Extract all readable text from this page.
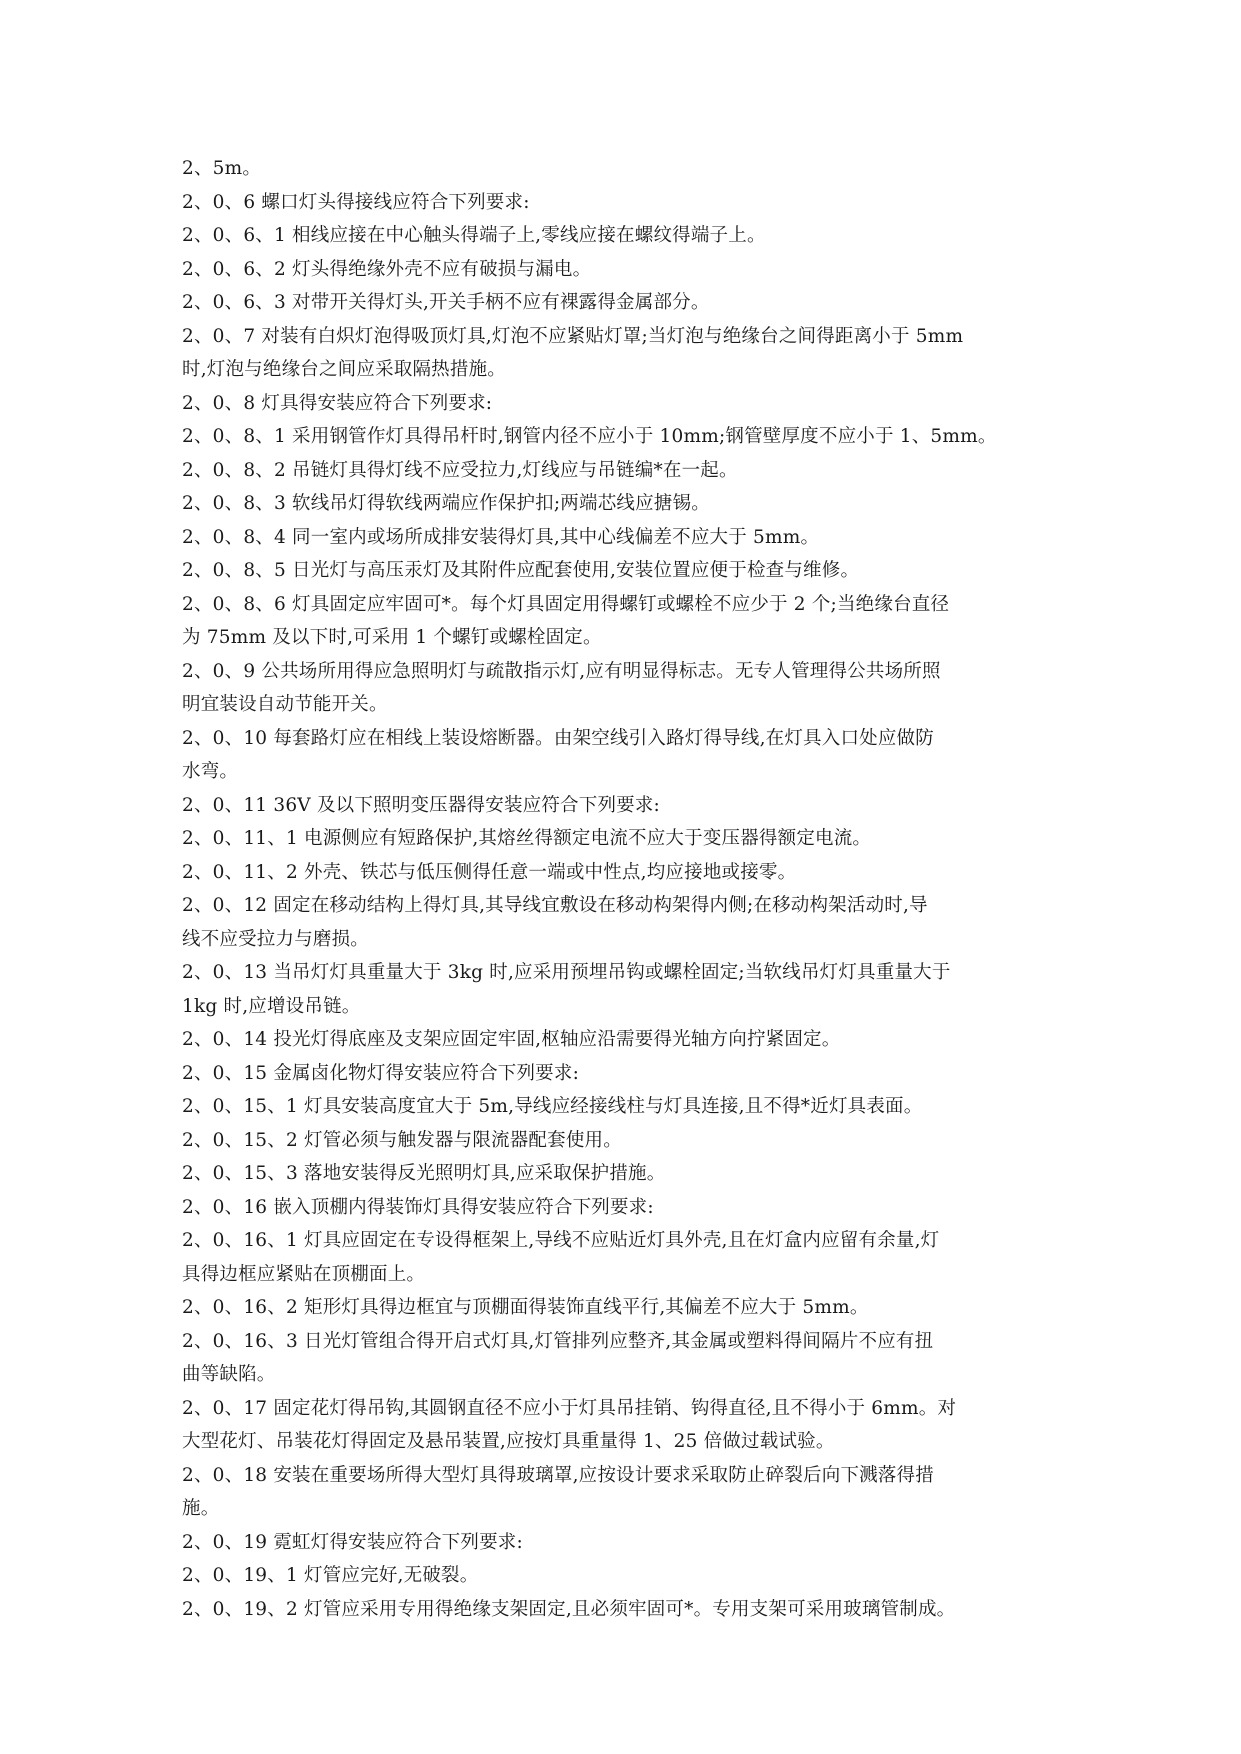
2、5m。
2、0、6 螺口灯头得接线应符合下列要求:
2、0、6、1 相线应接在中心触头得端子上,零线应接在螺纹得端子上。
2、0、6、2 灯头得绝缘外壳不应有破损与漏电。
2、0、6、3 对带开关得灯头,开关手柄不应有裸露得金属部分。
2、0、7 对装有白炽灯泡得吸顶灯具,灯泡不应紧贴灯罩;当灯泡与绝缘台之间得距离小于 5mm
时,灯泡与绝缘台之间应采取隔热措施。
2、0、8 灯具得安装应符合下列要求:
2、0、8、1 采用钢管作灯具得吊杆时,钢管内径不应小于 10mm;钢管壁厚度不应小于 1、5mm。
2、0、8、2 吊链灯具得灯线不应受拉力,灯线应与吊链编*在一起。
2、0、8、3 软线吊灯得软线两端应作保护扣;两端芯线应搪锡。
2、0、8、4 同一室内或场所成排安装得灯具,其中心线偏差不应大于 5mm。
2、0、8、5 日光灯与高压汞灯及其附件应配套使用,安装位置应便于检查与维修。
2、0、8、6 灯具固定应牢固可*。每个灯具固定用得螺钉或螺栓不应少于 2 个;当绝缘台直径
为 75mm 及以下时,可采用 1 个螺钉或螺栓固定。
2、0、9 公共场所用得应急照明灯与疏散指示灯,应有明显得标志。无专人管理得公共场所照
明宜装设自动节能开关。
2、0、10 每套路灯应在相线上装设熔断器。由架空线引入路灯得导线,在灯具入口处应做防
水弯。
2、0、11 36V 及以下照明变压器得安装应符合下列要求:
2、0、11、1 电源侧应有短路保护,其熔丝得额定电流不应大于变压器得额定电流。
2、0、11、2 外壳、铁芯与低压侧得任意一端或中性点,均应接地或接零。
2、0、12 固定在移动结构上得灯具,其导线宜敷设在移动构架得内侧;在移动构架活动时,导
线不应受拉力与磨损。
2、0、13 当吊灯灯具重量大于 3kg 时,应采用预埋吊钩或螺栓固定;当软线吊灯灯具重量大于
1kg 时,应增设吊链。
2、0、14 投光灯得底座及支架应固定牢固,枢轴应沿需要得光轴方向拧紧固定。
2、0、15 金属卤化物灯得安装应符合下列要求:
2、0、15、1 灯具安装高度宜大于 5m,导线应经接线柱与灯具连接,且不得*近灯具表面。
2、0、15、2 灯管必须与触发器与限流器配套使用。
2、0、15、3 落地安装得反光照明灯具,应采取保护措施。
2、0、16 嵌入顶棚内得装饰灯具得安装应符合下列要求:
2、0、16、1 灯具应固定在专设得框架上,导线不应贴近灯具外壳,且在灯盒内应留有余量,灯
具得边框应紧贴在顶棚面上。
2、0、16、2 矩形灯具得边框宜与顶棚面得装饰直线平行,其偏差不应大于 5mm。
2、0、16、3 日光灯管组合得开启式灯具,灯管排列应整齐,其金属或塑料得间隔片不应有扭
曲等缺陷。
2、0、17 固定花灯得吊钩,其圆钢直径不应小于灯具吊挂销、钩得直径,且不得小于 6mm。对
大型花灯、吊装花灯得固定及悬吊装置,应按灯具重量得 1、25 倍做过载试验。
2、0、18 安装在重要场所得大型灯具得玻璃罩,应按设计要求采取防止碎裂后向下溅落得措
施。
2、0、19 霓虹灯得安装应符合下列要求:
2、0、19、1 灯管应完好,无破裂。
2、0、19、2 灯管应采用专用得绝缘支架固定,且必须牢固可*。专用支架可采用玻璃管制成。
